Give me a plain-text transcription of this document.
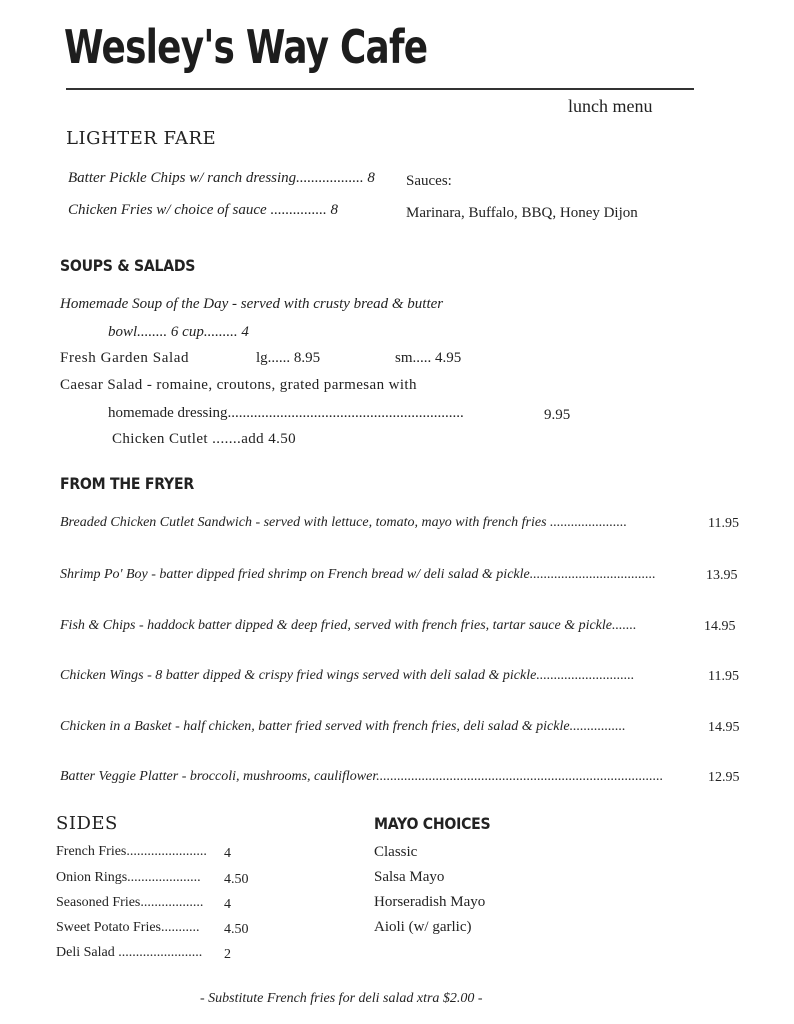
Wesley's Way Cafe
lunch menu
LIGHTER FARE
Batter Pickle Chips w/ ranch dressing.................. 8
Chicken Fries w/ choice of sauce ............... 8
Sauces:
Marinara, Buffalo, BBQ, Honey Dijon
SOUPS & SALADS
Homemade Soup of the Day - served with crusty bread & butter
bowl........ 6 cup......... 4
Fresh Garden Salad	lg...... 8.95	sm..... 4.95
Caesar Salad - romaine, croutons, grated parmesan with
homemade dressing...............................................................	9.95
Chicken Cutlet .......add 4.50
FROM THE FRYER
Breaded Chicken Cutlet Sandwich - served with lettuce, tomato, mayo with french fries ......................	11.95
Shrimp Po' Boy - batter dipped fried shrimp on French bread w/ deli salad & pickle....................................	13.95
Fish & Chips - haddock batter dipped & deep fried, served with french fries, tartar sauce & pickle.......	14.95
Chicken Wings - 8 batter dipped & crispy fried wings served with deli salad & pickle............................	11.95
Chicken in a Basket - half chicken, batter fried served with french fries, deli salad & pickle................	14.95
Batter Veggie Platter - broccoli, mushrooms, cauliflower..................................................................................	12.95
SIDES
French Fries....................... 4
Onion Rings..................... 4.50
Seasoned Fries.................. 4
Sweet Potato Fries........... 4.50
Deli Salad ........................ 2
MAYO CHOICES
Classic
Salsa Mayo
Horseradish Mayo
Aioli (w/ garlic)
- Substitute French fries for deli salad xtra $2.00 -
